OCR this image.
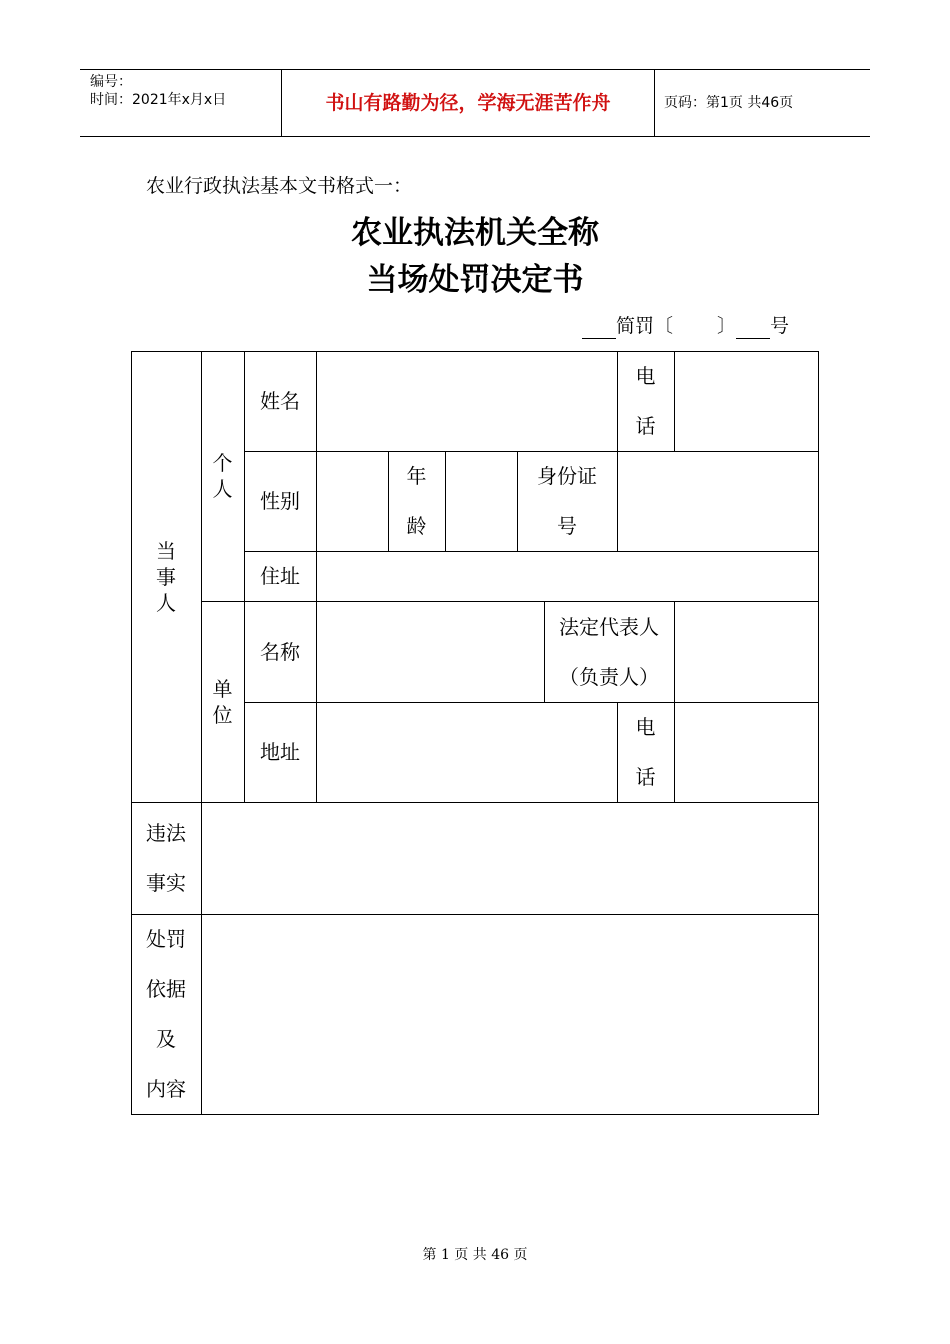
编号：
时间：2021年x月x日	书山有路勤为径，学海无涯苦作舟	页码：第1页 共46页
农业行政执法基本文书格式一：
农业执法机关全称
当场处罚决定书
简罚〔 〕 号
当
事
人
个
人
单
位
姓名
电
话
性别
年
龄
身份证
号
住址
名称
法定代表人
（负责人）
地址
电
话
违法
事实
处罚
依据
及
内容
第 1 页 共 46 页
